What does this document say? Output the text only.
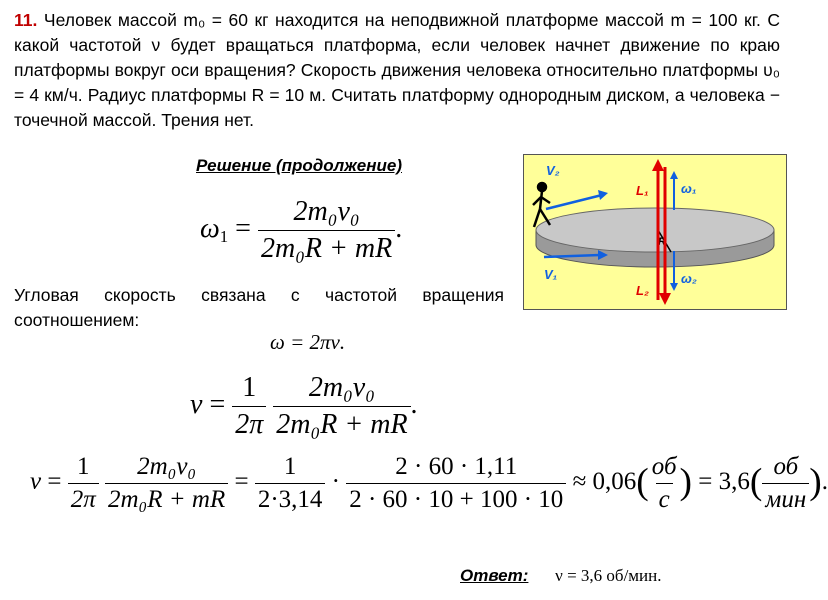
11. Человек массой m₀ = 60 кг находится на неподвижной платформе массой m = 100 кг. С какой частотой ν будет вращаться платформа, если человек начнет движение по краю платформы вокруг оси вращения? Скорость движения человека относительно платформы υ₀ = 4 км/ч. Радиус платформы R = 10 м. Считать платформу однородным диском, а человека − точечной массой. Трения нет.
Решение (продолжение)
$\omega_1 = \frac{\text{2m₀v₀}}{\text{2m₀R + mR}}$ .
Угловая скорость связана с частотой вращения
соотношением:
ω = 2πν.
$\nu = \frac{1}{2\pi}$
$\frac{\text{2m₀v₀}}{\text{2m₀R + mR}}$ .
$\nu = \frac{1}{2\pi}$
$\frac{\text{2m₀v₀}}{\text{2m₀R + mR}} = \frac{1}{2\cdot 3,14} \cdot \frac{2 \cdot 60 \cdot 1,11}{2 \cdot 60 \cdot 10 + 100 \cdot 10} \approx 0,06( \frac{об}{с}$ ) = $3,6( \frac{об}{\text{мин}}$ ).
Ответ: ν = 3,6 об/мин.
R
V₂
V₁
L₁
L₂
ω₁
ω₂
